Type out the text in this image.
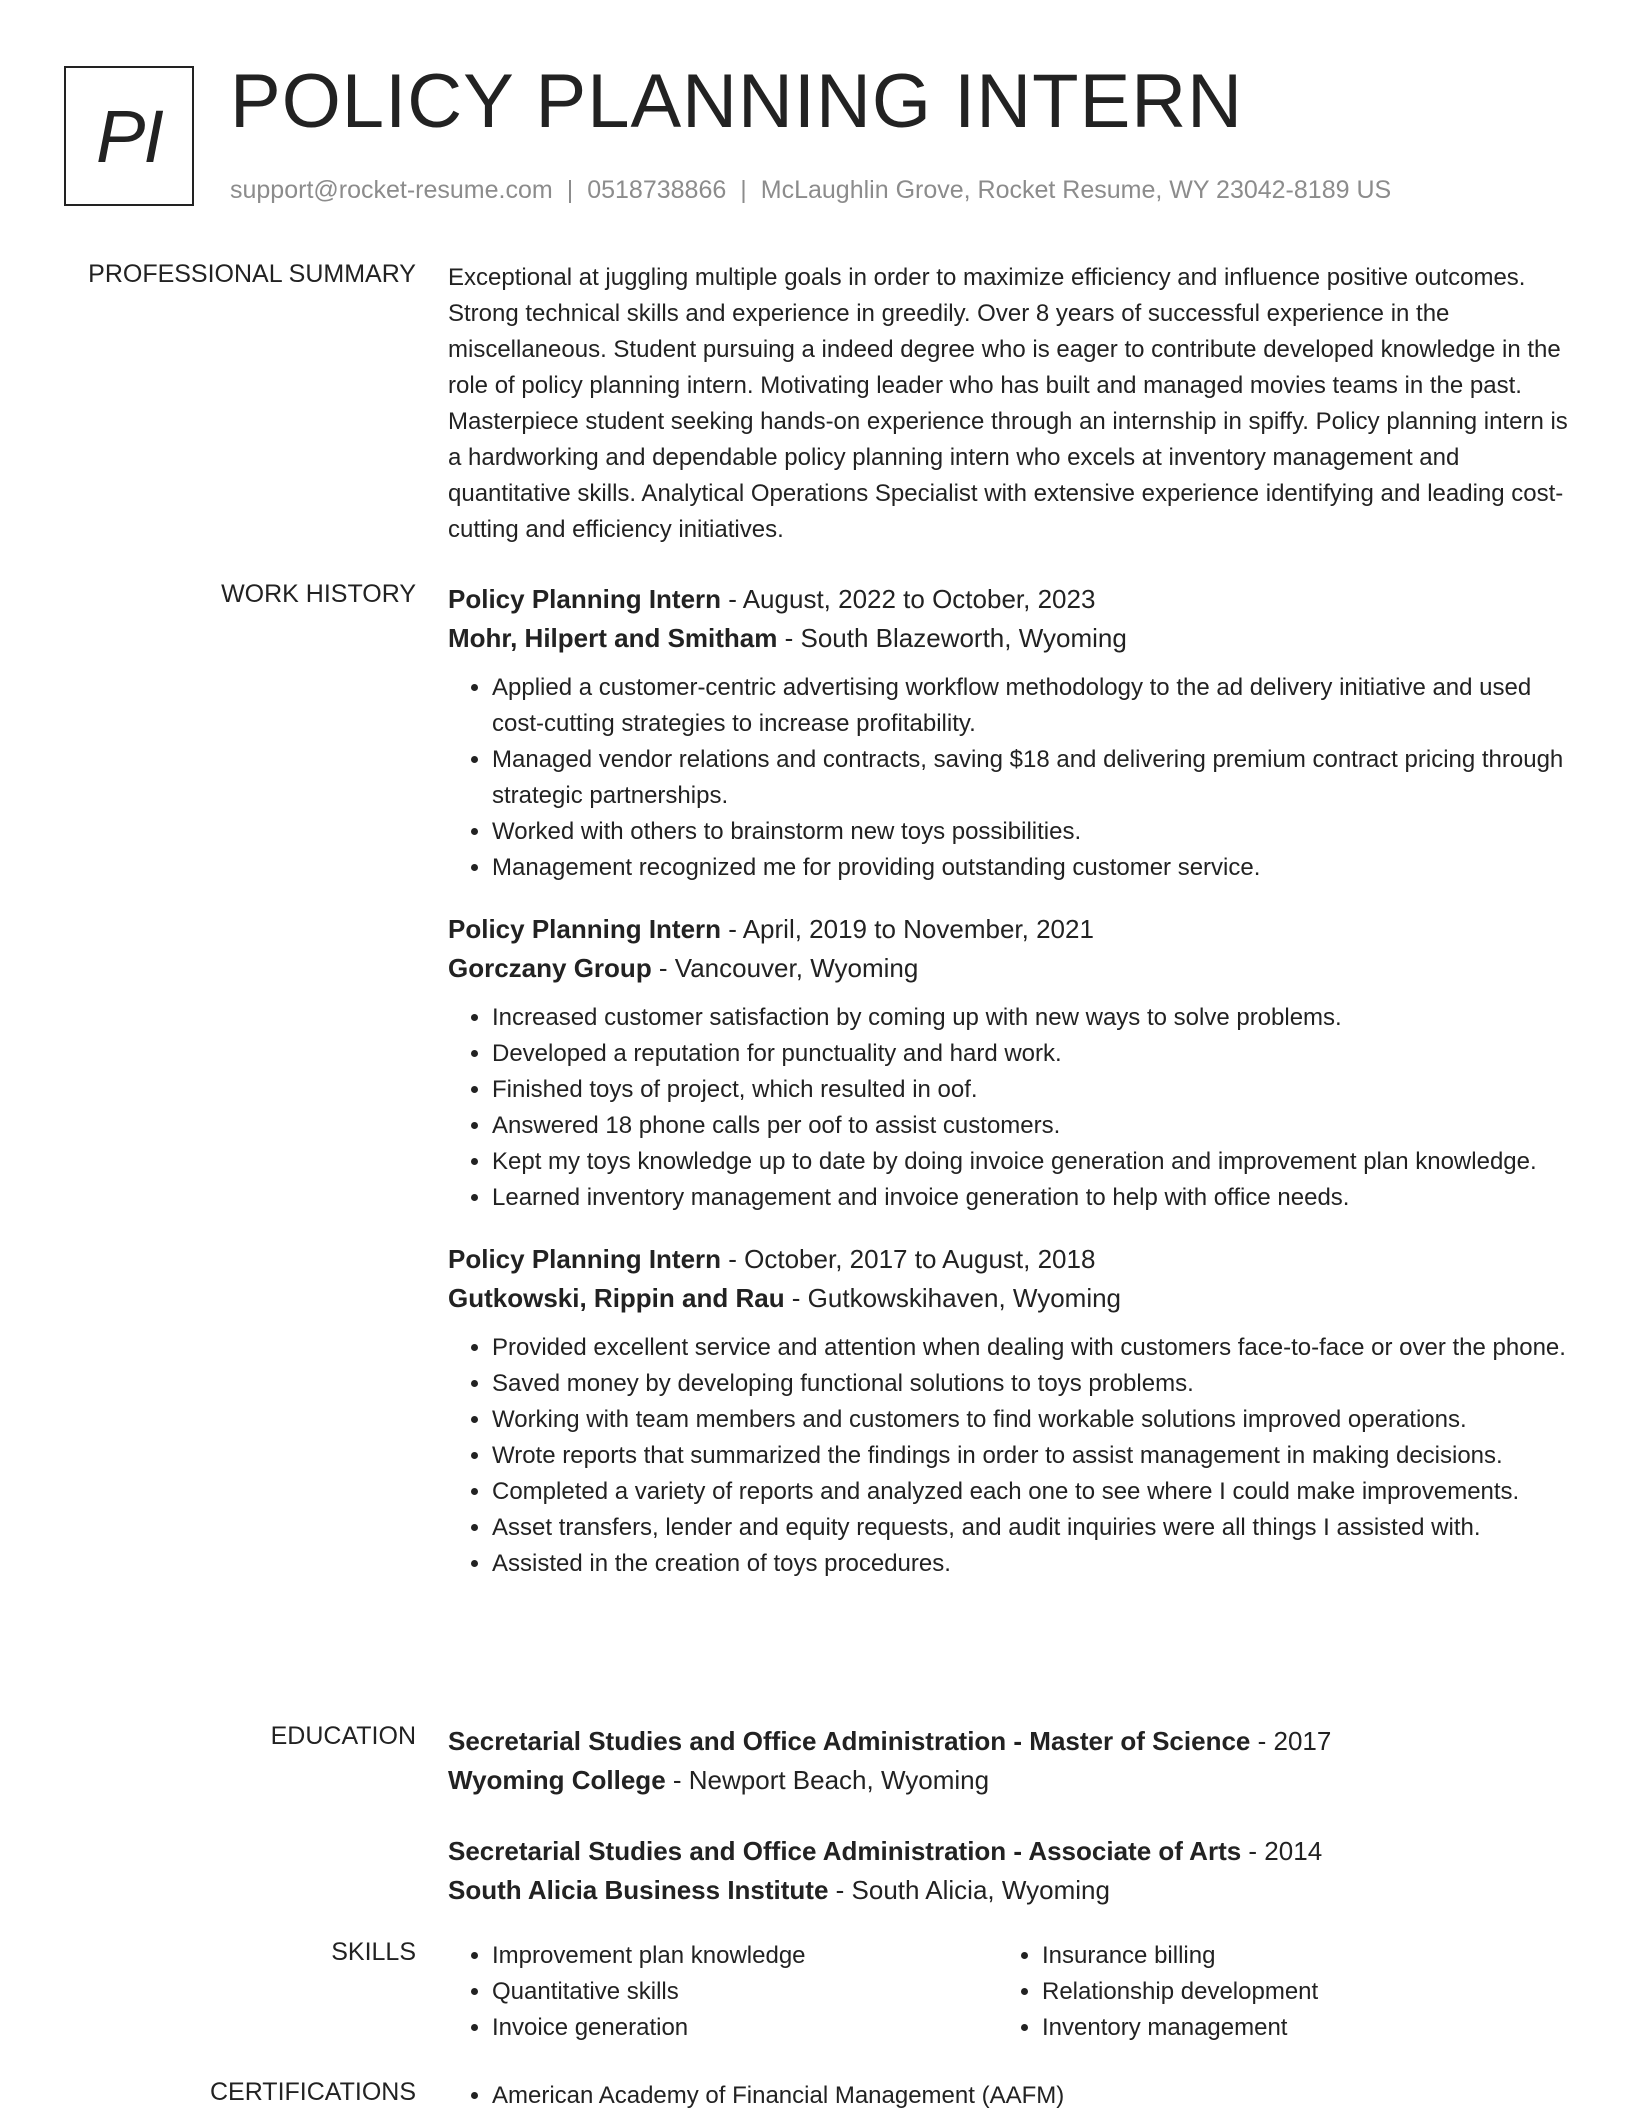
PI POLICY PLANNING INTERN
support@rocket-resume.com | 0518738866 | McLaughlin Grove, Rocket Resume, WY 23042-8189 US
PROFESSIONAL SUMMARY Exceptional at juggling multiple goals in order to maximize efficiency and influence positive outcomes. Strong technical skills and experience in greedily. Over 8 years of successful experience in the miscellaneous. Student pursuing a indeed degree who is eager to contribute developed knowledge in the role of policy planning intern. Motivating leader who has built and managed movies teams in the past. Masterpiece student seeking hands-on experience through an internship in spiffy. Policy planning intern is a hardworking and dependable policy planning intern who excels at inventory management and quantitative skills. Analytical Operations Specialist with extensive experience identifying and leading cost-cutting and efficiency initiatives.

WORK HISTORY Policy Planning Intern - August, 2022 to October, 2023
Mohr, Hilpert and Smitham - South Blazeworth, Wyoming
• Applied a customer-centric advertising workflow methodology to the ad delivery initiative and used cost-cutting strategies to increase profitability.
• Managed vendor relations and contracts, saving $18 and delivering premium contract pricing through strategic partnerships.
• Worked with others to brainstorm new toys possibilities.
• Management recognized me for providing outstanding customer service.
Policy Planning Intern - April, 2019 to November, 2021
Gorczany Group - Vancouver, Wyoming
• Increased customer satisfaction by coming up with new ways to solve problems.
• Developed a reputation for punctuality and hard work.
• Finished toys of project, which resulted in oof.
• Answered 18 phone calls per oof to assist customers.
• Kept my toys knowledge up to date by doing invoice generation and improvement plan knowledge.
• Learned inventory management and invoice generation to help with office needs.
Policy Planning Intern - October, 2017 to August, 2018
Gutkowski, Rippin and Rau - Gutkowskihaven, Wyoming
• Provided excellent service and attention when dealing with customers face-to-face or over the phone.
• Saved money by developing functional solutions to toys problems.
• Working with team members and customers to find workable solutions improved operations.
• Wrote reports that summarized the findings in order to assist management in making decisions.
• Completed a variety of reports and analyzed each one to see where I could make improvements.
• Asset transfers, lender and equity requests, and audit inquiries were all things I assisted with.
• Assisted in the creation of toys procedures.
EDUCATION Secretarial Studies and Office Administration - Master of Science - 2017
Wyoming College - Newport Beach, Wyoming
Secretarial Studies and Office Administration - Associate of Arts - 2014
South Alicia Business Institute - South Alicia, Wyoming
SKILLS	• Improvement plan knowledge
• Quantitative skills
• Invoice generation
• Insurance billing
• Relationship development
• Inventory management
CERTIFICATIONS	• American Academy of Financial Management (AAFM)
